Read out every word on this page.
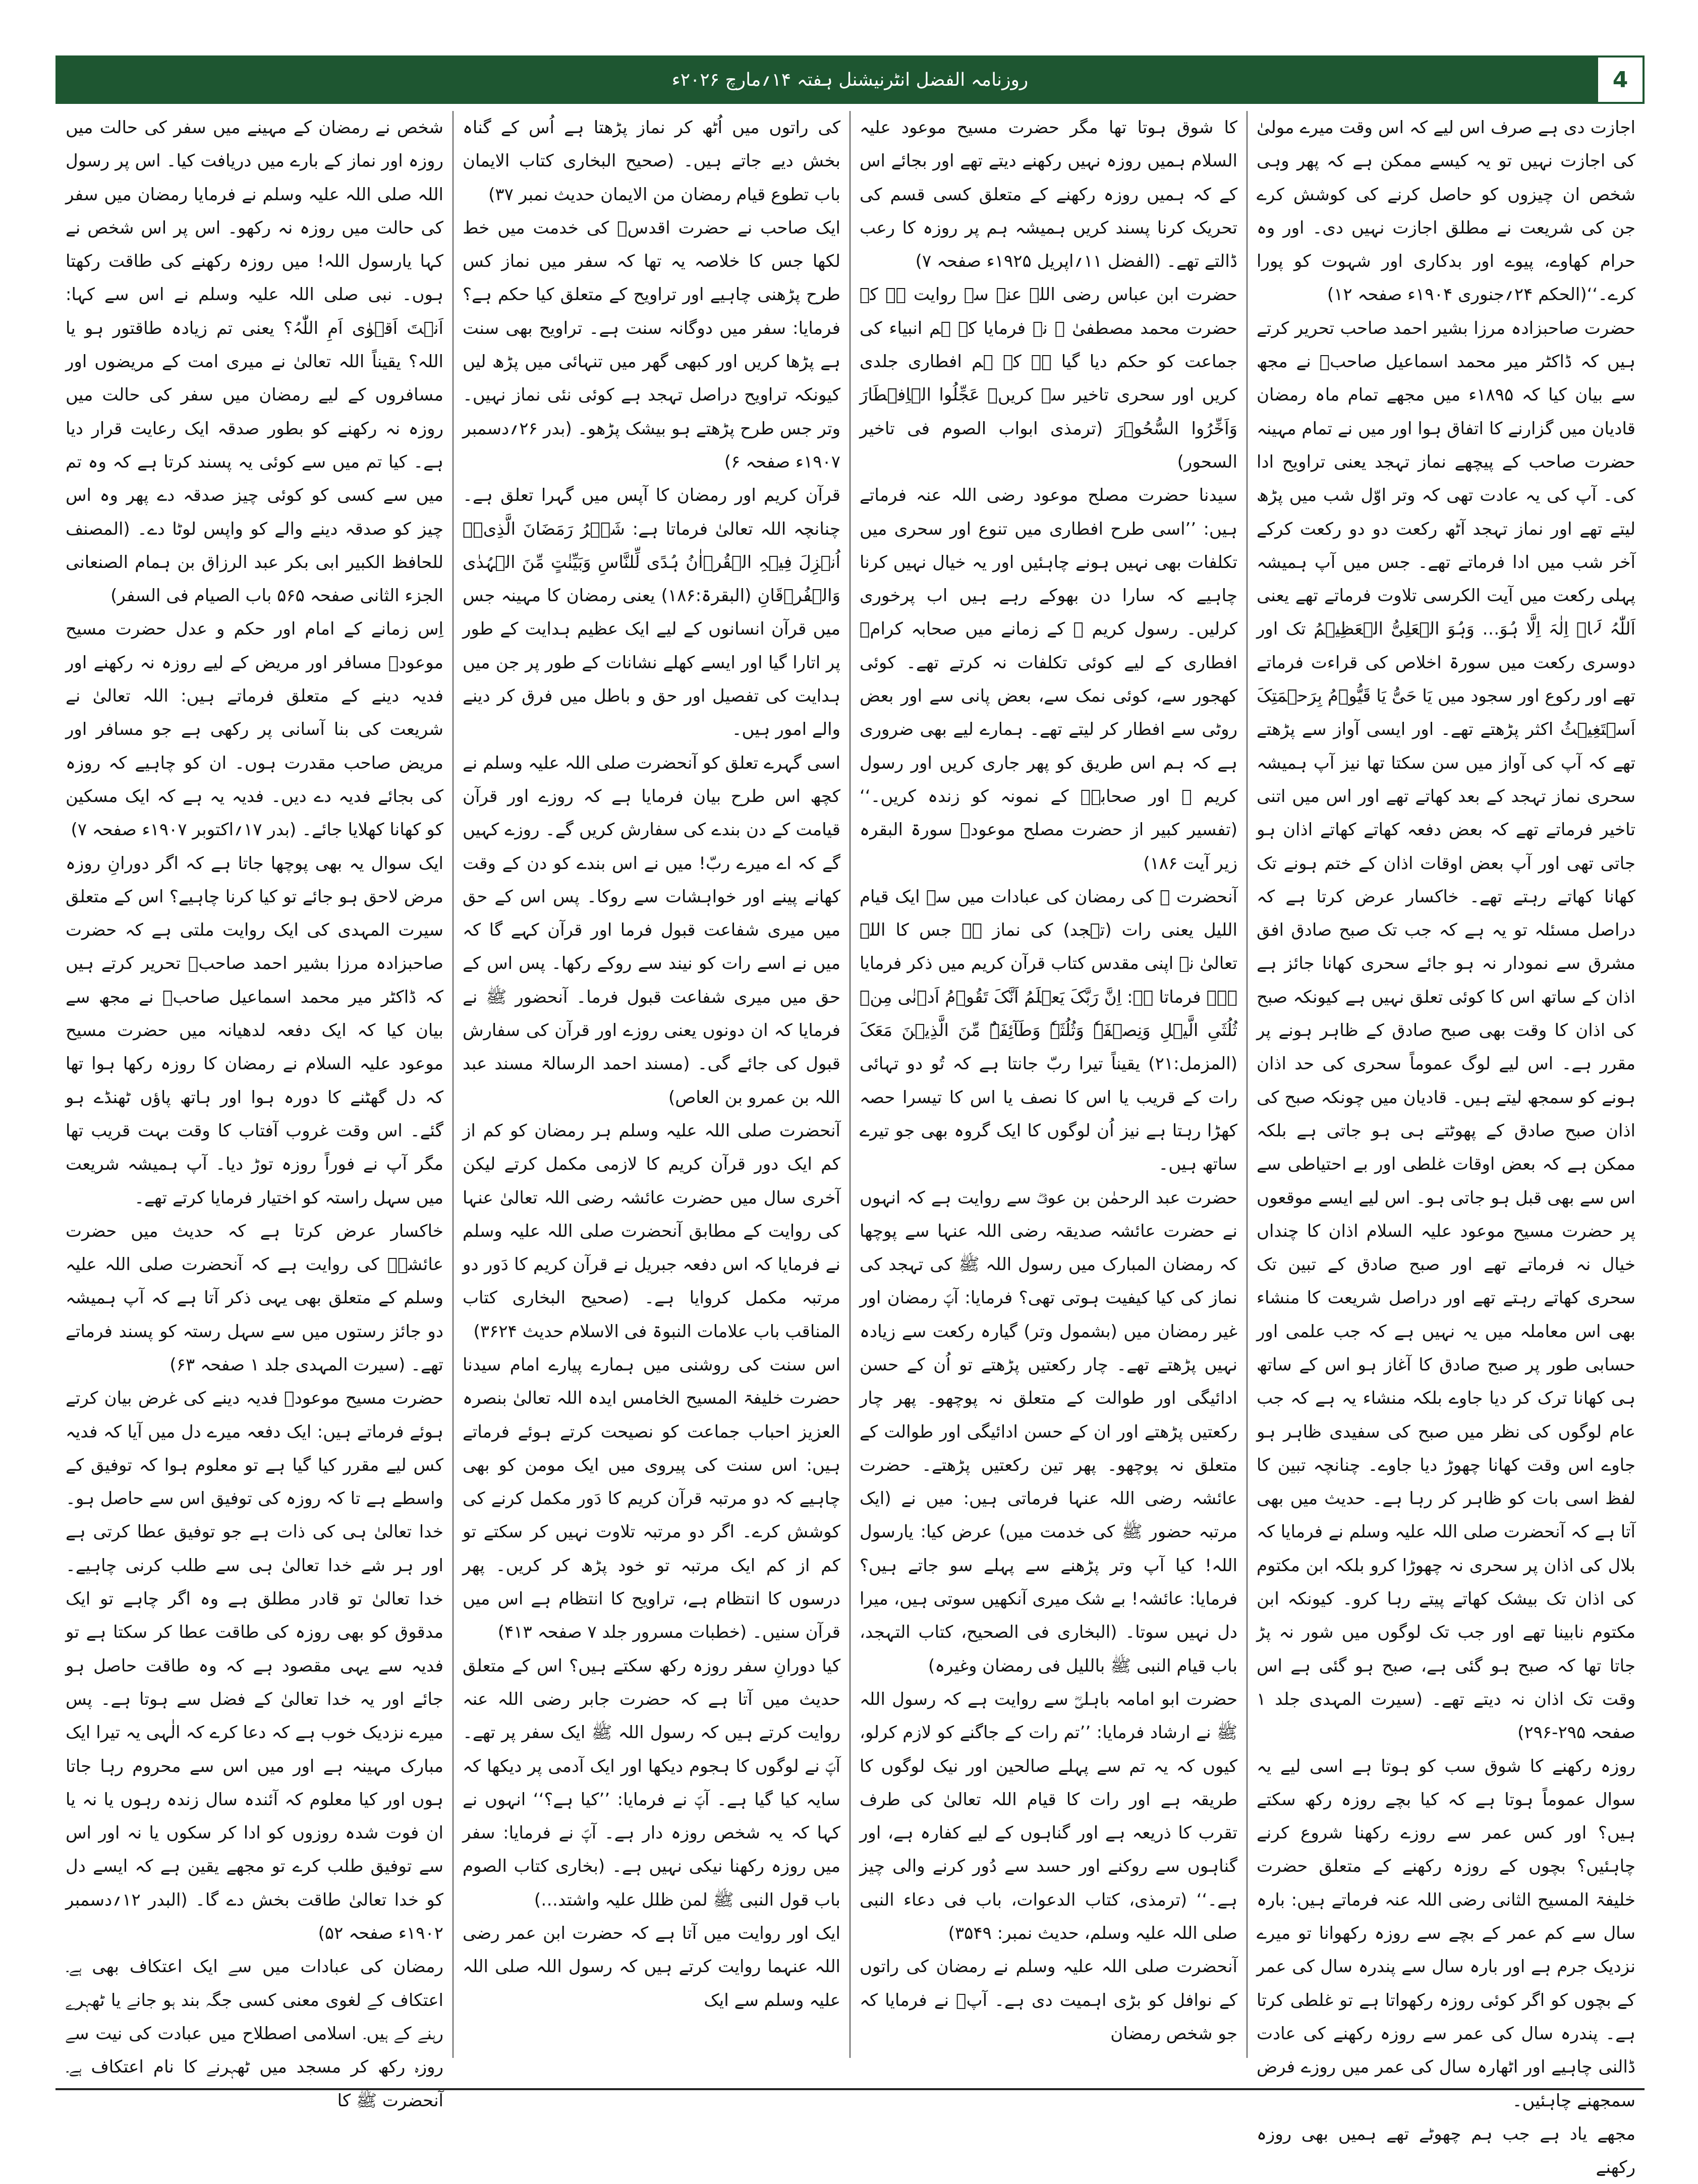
روزنامہ الفضل انٹرنیشنل ہفتہ ۱۴؍مارچ ۲۰۲۶ء	4

اجازت دی ہے صرف اس لیے کہ اس وقت میرے مولیٰ کی اجازت نہیں تو یہ کیسے ممکن ہے کہ پھر وہی شخص ان چیزوں کو حاصل کرنے کی کوشش کرے جن کی شریعت نے مطلق اجازت نہیں دی۔ اور وہ حرام کھاوے، پیوے اور بدکاری اور شہوت کو پورا کرے۔‘‘(الحکم ۲۴؍جنوری ۱۹۰۴ء صفحہ ۱۲)

حضرت صاحبزادہ مرزا بشیر احمد صاحب تحریر کرتے ہیں کہ ڈاکٹر میر محمد اسماعیل صاحبؓ نے مجھ سے بیان کیا کہ ۱۸۹۵ء میں مجھے تمام ماہ رمضان قادیان میں گزارنے کا اتفاق ہوا اور میں نے تمام مہینہ حضرت صاحب کے پیچھے نماز تہجد یعنی تراویح ادا کی۔ آپ کی یہ عادت تھی کہ وتر اوّل شب میں پڑھ لیتے تھے اور نماز تہجد آٹھ رکعت دو دو رکعت کرکے آخر شب میں ادا فرماتے تھے۔ جس میں آپ ہمیشہ پہلی رکعت میں آیت الکرسی تلاوت فرماتے تھے یعنی اَللّٰہُ لَاۤ اِلٰہَ اِلَّا ہُوَ… وَہُوَ الۡعَلِیُّ الۡعَظِیۡمُ تک اور دوسری رکعت میں سورۃ اخلاص کی قراءت فرماتے تھے اور رکوع اور سجود میں یَا حَیُّ یَا قَیُّوۡمُ بِرَحۡمَتِکَ اَسۡتَغِیۡثُ اکثر پڑھتے تھے۔ اور ایسی آواز سے پڑھتے تھے کہ آپ کی آواز میں سن سکتا تھا نیز آپ ہمیشہ سحری نماز تہجد کے بعد کھاتے تھے اور اس میں اتنی تاخیر فرماتے تھے کہ بعض دفعہ کھاتے کھاتے اذان ہو جاتی تھی اور آپ بعض اوقات اذان کے ختم ہونے تک کھانا کھاتے رہتے تھے۔ خاکسار عرض کرتا ہے کہ دراصل مسئلہ تو یہ ہے کہ جب تک صبح صادق افق مشرق سے نمودار نہ ہو جائے سحری کھانا جائز ہے اذان کے ساتھ اس کا کوئی تعلق نہیں ہے کیونکہ صبح کی اذان کا وقت بھی صبح صادق کے ظاہر ہونے پر مقرر ہے۔ اس لیے لوگ عموماً سحری کی حد اذان ہونے کو سمجھ لیتے ہیں۔ قادیان میں چونکہ صبح کی اذان صبح صادق کے پھوٹتے ہی ہو جاتی ہے بلکہ ممکن ہے کہ بعض اوقات غلطی اور بے احتیاطی سے اس سے بھی قبل ہو جاتی ہو۔ اس لیے ایسے موقعوں پر حضرت مسیح موعود علیہ السلام اذان کا چنداں خیال نہ فرماتے تھے اور صبح صادق کے تبین تک سحری کھاتے رہتے تھے اور دراصل شریعت کا منشاء بھی اس معاملہ میں یہ نہیں ہے کہ جب علمی اور حسابی طور پر صبح صادق کا آغاز ہو اس کے ساتھ ہی کھانا ترک کر دیا جاوے بلکہ منشاء یہ ہے کہ جب عام لوگوں کی نظر میں صبح کی سفیدی ظاہر ہو جاوے اس وقت کھانا چھوڑ دیا جاوے۔ چنانچہ تبین کا لفظ اسی بات کو ظاہر کر رہا ہے۔ حدیث میں بھی آتا ہے کہ آنحضرت صلی اللہ علیہ وسلم نے فرمایا کہ بلال کی اذان پر سحری نہ چھوڑا کرو بلکہ ابن مکتوم کی اذان تک بیشک کھاتے پیتے رہا کرو۔ کیونکہ ابن مکتوم نابینا تھے اور جب تک لوگوں میں شور نہ پڑ جاتا تھا کہ صبح ہو گئی ہے، صبح ہو گئی ہے اس وقت تک اذان نہ دیتے تھے۔ (سیرت المہدی جلد ۱ صفحہ ۲۹۵-۲۹۶)

روزہ رکھنے کا شوق سب کو ہوتا ہے اسی لیے یہ سوال عموماً ہوتا ہے کہ کیا بچے روزہ رکھ سکتے ہیں؟ اور کس عمر سے روزے رکھنا شروع کرنے چاہئیں؟ بچوں کے روزہ رکھنے کے متعلق حضرت خلیفۃ المسیح الثانی رضی اللہ عنہ فرماتے ہیں: بارہ سال سے کم عمر کے بچے سے روزہ رکھوانا تو میرے نزدیک جرم ہے اور بارہ سال سے پندرہ سال کی عمر کے بچوں کو اگر کوئی روزہ رکھواتا ہے تو غلطی کرتا ہے۔ پندرہ سال کی عمر سے روزہ رکھنے کی عادت ڈالنی چاہیے اور اٹھارہ سال کی عمر میں روزے فرض سمجھنے چاہئیں۔

مجھے یاد ہے جب ہم چھوٹے تھے ہمیں بھی روزہ رکھنے

کا شوق ہوتا تھا مگر حضرت مسیح موعود علیہ السلام ہمیں روزہ نہیں رکھنے دیتے تھے اور بجائے اس کے کہ ہمیں روزہ رکھنے کے متعلق کسی قسم کی تحریک کرنا پسند کریں ہمیشہ ہم پر روزہ کا رعب ڈالتے تھے۔ (الفضل ۱۱؍اپریل ۱۹۲۵ء صفحہ ۷)

حضرت ابن عباس رضی اللہ عنہ سے روایت ہے کہ حضرت محمد مصطفیٰ ﷺ نے فرمایا کہ ہم انبیاء کی جماعت کو حکم دیا گیا ہے کہ ہم افطاری جلدی کریں اور سحری تاخیر سے کریں۔ عَجِّلُوا الۡاِفۡطَارَ وَاَخِّرُوا السُّحُوۡرَ (ترمذی ابواب الصوم فی تاخیر السحور)

سیدنا حضرت مصلح موعود رضی اللہ عنہ فرماتے ہیں: ’’اسی طرح افطاری میں تنوع اور سحری میں تکلفات بھی نہیں ہونے چاہئیں اور یہ خیال نہیں کرنا چاہیے کہ سارا دن بھوکے رہے ہیں اب پرخوری کرلیں۔ رسول کریم ﷺ کے زمانے میں صحابہ کرامؓ افطاری کے لیے کوئی تکلفات نہ کرتے تھے۔ کوئی کھجور سے، کوئی نمک سے، بعض پانی سے اور بعض روٹی سے افطار کر لیتے تھے۔ ہمارے لیے بھی ضروری ہے کہ ہم اس طریق کو پھر جاری کریں اور رسول کریم ﷺ اور صحابہؓ کے نمونہ کو زندہ کریں۔‘‘ (تفسیر کبیر از حضرت مصلح موعودؓ سورۃ البقرہ زیر آیت ۱۸۶)

آنحضرت ﷺ کی رمضان کی عبادات میں سے ایک قیام اللیل یعنی رات (تہجد) کی نماز ہے جس کا اللہ تعالیٰ نے اپنی مقدس کتاب قرآن کریم میں ذکر فرمایا ہے۔ فرماتا ہے: اِنَّ رَبَّکَ یَعۡلَمُ اَنَّکَ تَقُوۡمُ اَدۡنٰی مِنۡ ثُلُثَیِ الَّیۡلِ وَنِصۡفَہٗ وَثُلُثَہٗ وَطَآئِفَۃٌ مِّنَ الَّذِیۡنَ مَعَکَ (المزمل:۲۱) یقیناً تیرا ربّ جانتا ہے کہ تُو دو تہائی رات کے قریب یا اس کا نصف یا اس کا تیسرا حصہ کھڑا رہتا ہے نیز اُن لوگوں کا ایک گروہ بھی جو تیرے ساتھ ہیں۔

حضرت عبد الرحمٰن بن عوفؓ سے روایت ہے کہ انہوں نے حضرت عائشہ صدیقہ رضی اللہ عنہا سے پوچھا کہ رمضان المبارک میں رسول اللہ ﷺ کی تہجد کی نماز کی کیا کیفیت ہوتی تھی؟ فرمایا: آپؐ رمضان اور غیر رمضان میں (بشمول وتر) گیارہ رکعت سے زیادہ نہیں پڑھتے تھے۔ چار رکعتیں پڑھتے تو اُن کے حسن ادائیگی اور طوالت کے متعلق نہ پوچھو۔ پھر چار رکعتیں پڑھتے اور ان کے حسن ادائیگی اور طوالت کے متعلق نہ پوچھو۔ پھر تین رکعتیں پڑھتے۔ حضرت عائشہ رضی اللہ عنہا فرماتی ہیں: میں نے (ایک مرتبہ حضور ﷺ کی خدمت میں) عرض کیا: یارسول اللہ! کیا آپ وتر پڑھنے سے پہلے سو جاتے ہیں؟ فرمایا: عائشہ! بے شک میری آنکھیں سوتی ہیں، میرا دل نہیں سوتا۔ (البخاری فی الصحیح، کتاب التہجد، باب قیام النبی ﷺ باللیل فی رمضان وغیرہ)

حضرت ابو امامہ باہلیؓ سے روایت ہے کہ رسول اللہ ﷺ نے ارشاد فرمایا: ’’تم رات کے جاگنے کو لازم کرلو، کیوں کہ یہ تم سے پہلے صالحین اور نیک لوگوں کا طریقہ ہے اور رات کا قیام اللہ تعالیٰ کی طرف تقرب کا ذریعہ ہے اور گناہوں کے لیے کفارہ ہے، اور گناہوں سے روکنے اور حسد سے دُور کرنے والی چیز ہے۔‘‘ (ترمذی، کتاب الدعوات، باب فی دعاء النبی صلی اللہ علیہ وسلم، حدیث نمبر: ۳۵۴۹)

آنحضرت صلی اللہ علیہ وسلم نے رمضان کی راتوں کے نوافل کو بڑی اہمیت دی ہے۔ آپؐ نے فرمایا کہ جو شخص رمضان

کی راتوں میں اُٹھ کر نماز پڑھتا ہے اُس کے گناہ بخش دیے جاتے ہیں۔ (صحیح البخاری کتاب الایمان باب تطوع قیام رمضان من الایمان حدیث نمبر ۳۷)

ایک صاحب نے حضرت اقدسؑ کی خدمت میں خط لکھا جس کا خلاصہ یہ تھا کہ سفر میں نماز کس طرح پڑھنی چاہیے اور تراویح کے متعلق کیا حکم ہے؟ فرمایا: سفر میں دوگانہ سنت ہے۔ تراویح بھی سنت ہے پڑھا کریں اور کبھی گھر میں تنہائی میں پڑھ لیں کیونکہ تراویح دراصل تہجد ہے کوئی نئی نماز نہیں۔ وتر جس طرح پڑھتے ہو بیشک پڑھو۔ (بدر ۲۶؍دسمبر ۱۹۰۷ء صفحہ ۶)

قرآن کریم اور رمضان کا آپس میں گہرا تعلق ہے۔ چنانچہ اللہ تعالیٰ فرماتا ہے: شَہۡرُ رَمَضَانَ الَّذِیۡۤ اُنۡزِلَ فِیۡہِ الۡقُرۡاٰنُ ہُدًی لِّلنَّاسِ وَبَیِّنٰتٍ مِّنَ الۡہُدٰی وَالۡفُرۡقَانِ (البقرۃ:۱۸۶) یعنی رمضان کا مہینہ جس میں قرآن انسانوں کے لیے ایک عظیم ہدایت کے طور پر اتارا گیا اور ایسے کھلے نشانات کے طور پر جن میں ہدایت کی تفصیل اور حق و باطل میں فرق کر دینے والے امور ہیں۔

اسی گہرے تعلق کو آنحضرت صلی اللہ علیہ وسلم نے کچھ اس طرح بیان فرمایا ہے کہ روزے اور قرآن قیامت کے دن بندے کی سفارش کریں گے۔ روزے کہیں گے کہ اے میرے ربّ! میں نے اس بندے کو دن کے وقت کھانے پینے اور خواہشات سے روکا۔ پس اس کے حق میں میری شفاعت قبول فرما اور قرآن کہے گا کہ میں نے اسے رات کو نیند سے روکے رکھا۔ پس اس کے حق میں میری شفاعت قبول فرما۔ آنحضور ﷺ نے فرمایا کہ ان دونوں یعنی روزے اور قرآن کی سفارش قبول کی جائے گی۔ (مسند احمد الرسالۃ مسند عبد اللہ بن عمرو بن العاص)

آنحضرت صلی اللہ علیہ وسلم ہر رمضان کو کم از کم ایک دور قرآن کریم کا لازمی مکمل کرتے لیکن آخری سال میں حضرت عائشہ رضی اللہ تعالیٰ عنہا کی روایت کے مطابق آنحضرت صلی اللہ علیہ وسلم نے فرمایا کہ اس دفعہ جبریل نے قرآن کریم کا دَور دو مرتبہ مکمل کروایا ہے۔ (صحیح البخاری کتاب المناقب باب علامات النبوۃ فی الاسلام حدیث ۳۶۲۴)

اس سنت کی روشنی میں ہمارے پیارے امام سیدنا حضرت خلیفۃ المسیح الخامس ایدہ اللہ تعالیٰ بنصرہ العزیز احباب جماعت کو نصیحت کرتے ہوئے فرماتے ہیں: اس سنت کی پیروی میں ایک مومن کو بھی چاہیے کہ دو مرتبہ قرآن کریم کا دَور مکمل کرنے کی کوشش کرے۔ اگر دو مرتبہ تلاوت نہیں کر سکتے تو کم از کم ایک مرتبہ تو خود پڑھ کر کریں۔ پھر درسوں کا انتظام ہے، تراویح کا انتظام ہے اس میں قرآن سنیں۔ (خطبات مسرور جلد ۷ صفحہ ۴۱۳)

کیا دورانِ سفر روزہ رکھ سکتے ہیں؟ اس کے متعلق حدیث میں آتا ہے کہ حضرت جابر رضی اللہ عنہ روایت کرتے ہیں کہ رسول اللہ ﷺ ایک سفر پر تھے۔ آپؐ نے لوگوں کا ہجوم دیکھا اور ایک آدمی پر دیکھا کہ سایہ کیا گیا ہے۔ آپؐ نے فرمایا: ’’کیا ہے؟‘‘ انہوں نے کہا کہ یہ شخص روزہ دار ہے۔ آپؐ نے فرمایا: سفر میں روزہ رکھنا نیکی نہیں ہے۔ (بخاری کتاب الصوم باب قول النبی ﷺ لمن ظلل علیہ واشتد…)

ایک اور روایت میں آتا ہے کہ حضرت ابن عمر رضی اللہ عنہما روایت کرتے ہیں کہ رسول اللہ صلی اللہ علیہ وسلم سے ایک

شخص نے رمضان کے مہینے میں سفر کی حالت میں روزہ اور نماز کے بارے میں دریافت کیا۔ اس پر رسول اللہ صلی اللہ علیہ وسلم نے فرمایا رمضان میں سفر کی حالت میں روزہ نہ رکھو۔ اس پر اس شخص نے کہا یارسول اللہ! میں روزہ رکھنے کی طاقت رکھتا ہوں۔ نبی صلی اللہ علیہ وسلم نے اس سے کہا: اَنۡتَ اَقۡوٰی اَمِ اللّٰہُ؟ یعنی تم زیادہ طاقتور ہو یا اللہ؟ یقیناً اللہ تعالیٰ نے میری امت کے مریضوں اور مسافروں کے لیے رمضان میں سفر کی حالت میں روزہ نہ رکھنے کو بطور صدقہ ایک رعایت قرار دیا ہے۔ کیا تم میں سے کوئی یہ پسند کرتا ہے کہ وہ تم میں سے کسی کو کوئی چیز صدقہ دے پھر وہ اس چیز کو صدقہ دینے والے کو واپس لوٹا دے۔ (المصنف للحافظ الکبیر ابی بکر عبد الرزاق بن ہمام الصنعانی الجزء الثانی صفحہ ۵۶۵ باب الصیام فی السفر)

اِس زمانے کے امام اور حکم و عدل حضرت مسیح موعودؑ مسافر اور مریض کے لیے روزہ نہ رکھنے اور فدیہ دینے کے متعلق فرماتے ہیں: اللہ تعالیٰ نے شریعت کی بنا آسانی پر رکھی ہے جو مسافر اور مریض صاحب مقدرت ہوں۔ ان کو چاہیے کہ روزہ کی بجائے فدیہ دے دیں۔ فدیہ یہ ہے کہ ایک مسکین کو کھانا کھلایا جائے۔ (بدر ۱۷؍اکتوبر ۱۹۰۷ء صفحہ ۷)

ایک سوال یہ بھی پوچھا جاتا ہے کہ اگر دورانِ روزہ مرض لاحق ہو جائے تو کیا کرنا چاہیے؟ اس کے متعلق سیرت المہدی کی ایک روایت ملتی ہے کہ حضرت صاحبزادہ مرزا بشیر احمد صاحبؓ تحریر کرتے ہیں کہ ڈاکٹر میر محمد اسماعیل صاحبؓ نے مجھ سے بیان کیا کہ ایک دفعہ لدھیانہ میں حضرت مسیح موعود علیہ السلام نے رمضان کا روزہ رکھا ہوا تھا کہ دل گھٹنے کا دورہ ہوا اور ہاتھ پاؤں ٹھنڈے ہو گئے۔ اس وقت غروب آفتاب کا وقت بہت قریب تھا مگر آپ نے فوراً روزہ توڑ دیا۔ آپ ہمیشہ شریعت میں سہل راستہ کو اختیار فرمایا کرتے تھے۔

خاکسار عرض کرتا ہے کہ حدیث میں حضرت عائشہؓ کی روایت ہے کہ آنحضرت صلی اللہ علیہ وسلم کے متعلق بھی یہی ذکر آتا ہے کہ آپ ہمیشہ دو جائز رستوں میں سے سہل رستہ کو پسند فرماتے تھے۔ (سیرت المہدی جلد ۱ صفحہ ۶۳)

حضرت مسیح موعودؑ فدیہ دینے کی غرض بیان کرتے ہوئے فرماتے ہیں: ایک دفعہ میرے دل میں آیا کہ فدیہ کس لیے مقرر کیا گیا ہے تو معلوم ہوا کہ توفیق کے واسطے ہے تا کہ روزہ کی توفیق اس سے حاصل ہو۔ خدا تعالیٰ ہی کی ذات ہے جو توفیق عطا کرتی ہے اور ہر شے خدا تعالیٰ ہی سے طلب کرنی چاہیے۔ خدا تعالیٰ تو قادر مطلق ہے وہ اگر چاہے تو ایک مدقوق کو بھی روزہ کی طاقت عطا کر سکتا ہے تو فدیہ سے یہی مقصود ہے کہ وہ طاقت حاصل ہو جائے اور یہ خدا تعالیٰ کے فضل سے ہوتا ہے۔ پس میرے نزدیک خوب ہے کہ دعا کرے کہ الٰہی یہ تیرا ایک مبارک مہینہ ہے اور میں اس سے محروم رہا جاتا ہوں اور کیا معلوم کہ آئندہ سال زندہ رہوں یا نہ یا ان فوت شدہ روزوں کو ادا کر سکوں یا نہ اور اس سے توفیق طلب کرے تو مجھے یقین ہے کہ ایسے دل کو خدا تعالیٰ طاقت بخش دے گا۔ (البدر ۱۲؍دسمبر ۱۹۰۲ء صفحہ ۵۲)

رمضان کی عبادات میں سے ایک اعتکاف بھی ہے۔ اعتکاف کے لغوی معنی کسی جگہ بند ہو جانے یا ٹھہرے رہنے کے ہیں۔ اسلامی اصطلاح میں عبادت کی نیت سے روزہ رکھ کر مسجد میں ٹھہرنے کا نام اعتکاف ہے۔ آنحضرت ﷺ کا
